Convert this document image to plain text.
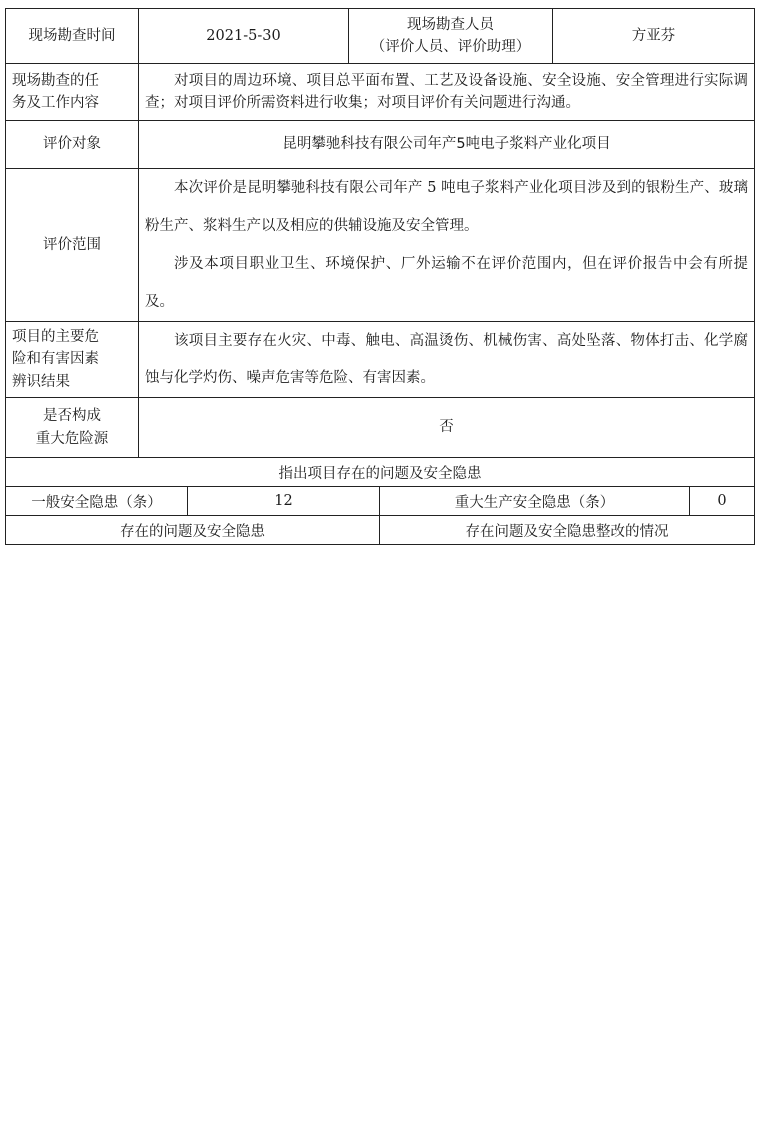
现场勘查时间	2021-5-30	现场勘查人员
（评价人员、评价助理）	方亚芬

现场勘查的任
务及工作内容	对项目的周边环境、项目总平面布置、工艺及设备设施、安全设施、安全管理进行实际调查；对项目评价所需资料进行收集；对项目评价有关问题进行沟通。		
评价对象	昆明攀驰科技有限公司年产5吨电子浆料产业化项目		
评价范围	本次评价是昆明攀驰科技有限公司年产 5 吨电子浆料产业化项目涉及到的银粉生产、玻璃粉生产、浆料生产以及相应的供辅设施及安全管理。

涉及本项目职业卫生、环境保护、厂外运输不在评价范围内，但在评价报告中会有所提及。		

项目的主要危
险和有害因素
辨识结果	该项目主要存在火灾、中毒、触电、高温烫伤、机械伤害、高处坠落、物体打击、化学腐蚀与化学灼伤、噪声危害等危险、有害因素。		

是否构成
重大危险源	否		
指出项目存在的问题及安全隐患			
一般安全隐患（条）	12	重大生产安全隐患（条）	0
存在的问题及安全隐患		存在问题及安全隐患整改的情况	
